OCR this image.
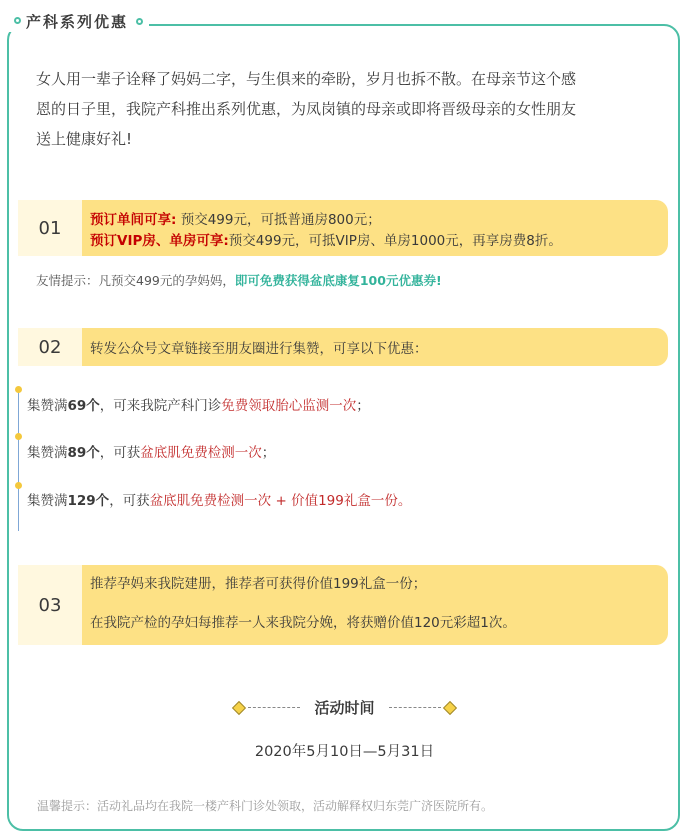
产科系列优惠
女人用一辈子诠释了妈妈二字，与生俱来的牵盼，岁月也拆不散。在母亲节这个感
恩的日子里，我院产科推出系列优惠，为凤岗镇的母亲或即将晋级母亲的女性朋友
送上健康好礼!
01	预订单间可享: 预交499元，可抵普通房800元；
预订VIP房、单房可享:预交499元，可抵VIP房、单房1000元，再享房费8折。
友情提示：凡预交499元的孕妈妈，即可免费获得盆底康复100元优惠券!
02	转发公众号文章链接至朋友圈进行集赞，可享以下优惠：
集赞满69个，可来我院产科门诊免费领取胎心监测一次；
集赞满89个，可获盆底肌免费检测一次；
集赞满129个，可获盆底肌免费检测一次 + 价值199礼盒一份。
03
推荐孕妈来我院建册，推荐者可获得价值199礼盒一份；
在我院产检的孕妇每推荐一人来我院分娩，将获赠价值120元彩超1次。
活动时间
2020年5月10日—5月31日
温馨提示：活动礼品均在我院一楼产科门诊处领取，活动解释权归东莞广济医院所有。
